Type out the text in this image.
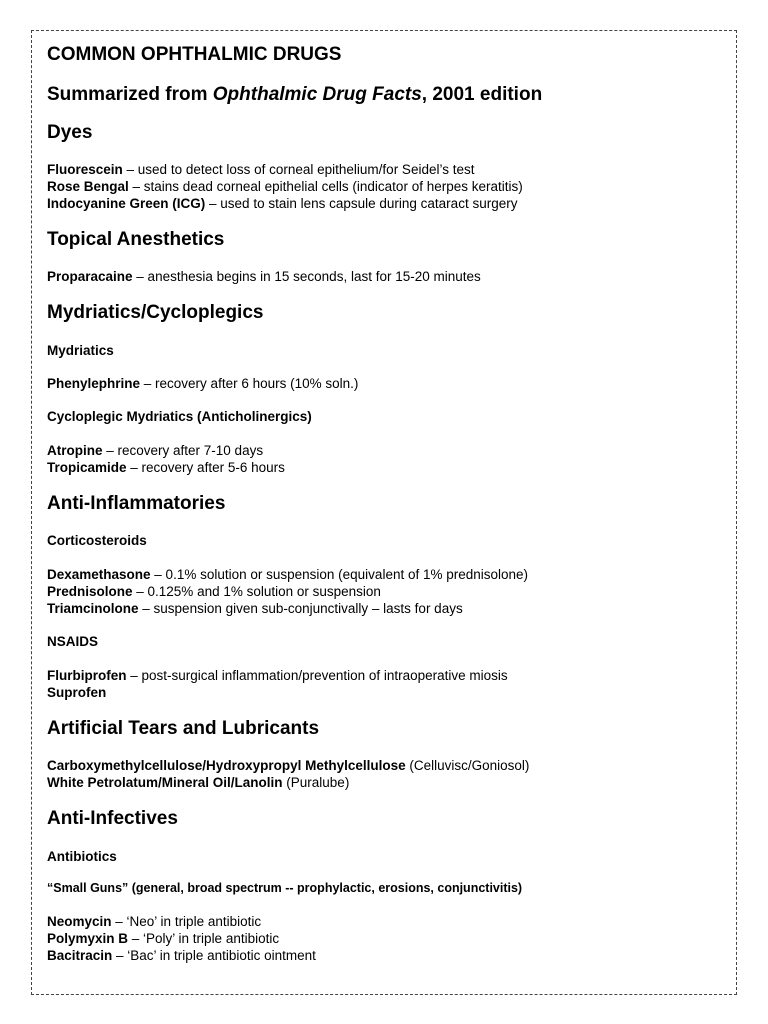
COMMON OPHTHALMIC DRUGS

Summarized from Ophthalmic Drug Facts, 2001 edition

Dyes

Fluorescein – used to detect loss of corneal epithelium/for Seidel’s test

Rose Bengal – stains dead corneal epithelial cells (indicator of herpes keratitis)

Indocyanine Green (ICG) – used to stain lens capsule during cataract surgery

Topical Anesthetics

Proparacaine – anesthesia begins in 15 seconds, last for 15-20 minutes

Mydriatics/Cycloplegics

Mydriatics

Phenylephrine – recovery after 6 hours (10% soln.)

Cycloplegic Mydriatics (Anticholinergics)

Atropine – recovery after 7-10 days

Tropicamide – recovery after 5-6 hours

Anti-Inflammatories

Corticosteroids

Dexamethasone – 0.1% solution or suspension (equivalent of 1% prednisolone)

Prednisolone – 0.125% and 1% solution or suspension

Triamcinolone – suspension given sub-conjunctivally – lasts for days

NSAIDS

Flurbiprofen – post-surgical inflammation/prevention of intraoperative miosis

Suprofen

Artificial Tears and Lubricants

Carboxymethylcellulose/Hydroxypropyl Methylcellulose (Celluvisc/Goniosol)

White Petrolatum/Mineral Oil/Lanolin (Puralube)

Anti-Infectives

Antibiotics

“Small Guns” (general, broad spectrum -- prophylactic, erosions, conjunctivitis)

Neomycin – ‘Neo’ in triple antibiotic

Polymyxin B – ‘Poly’ in triple antibiotic

Bacitracin – ‘Bac’ in triple antibiotic ointment
